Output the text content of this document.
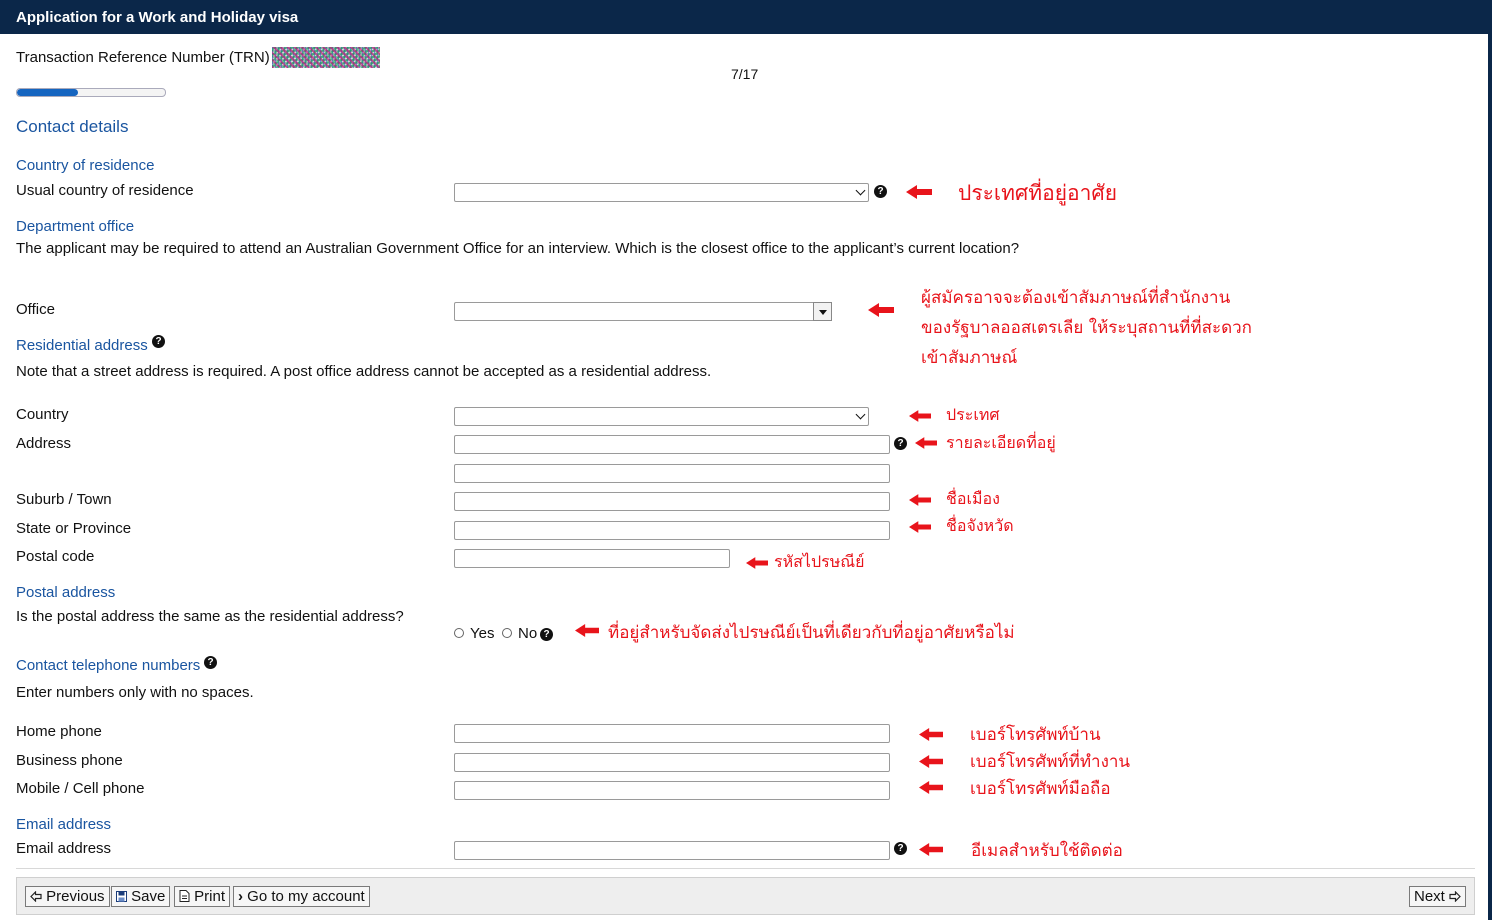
Application for a Work and Holiday visa
Transaction Reference Number (TRN)
7/17
Contact details
Country of residence
Usual country of residence	?	ประเทศที่อยู่อาศัย
Department office
The applicant may be required to attend an Australian Government Office for an interview. Which is the closest office to the applicant’s current location?
Office
ผู้สมัครอาจจะต้องเข้าสัมภาษณ์ที่สำนักงาน
ของรัฐบาลออสเตรเลีย ให้ระบุสถานที่ที่สะดวก
เข้าสัมภาษณ์
Residential address ?
Note that a street address is required. A post office address cannot be accepted as a residential address.
Country	ประเทศ
Address	?	รายละเอียดที่อยู่
Suburb / Town	ชื่อเมือง
State or Province	ชื่อจังหวัด
Postal code	รหัสไปรษณีย์
Postal address
Is the postal address the same as the residential address?
Yes No ?	ที่อยู่สำหรับจัดส่งไปรษณีย์เป็นที่เดียวกับที่อยู่อาศัยหรือไม่
Contact telephone numbers ?
Enter numbers only with no spaces.
Home phone	เบอร์โทรศัพท์บ้าน
Business phone	เบอร์โทรศัพท์ที่ทำงาน
Mobile / Cell phone	เบอร์โทรศัพท์มือถือ
Email address
Email address	?	อีเมลสำหรับใช้ติดต่อ
Previous	Save	Print › Go to my account	Next
